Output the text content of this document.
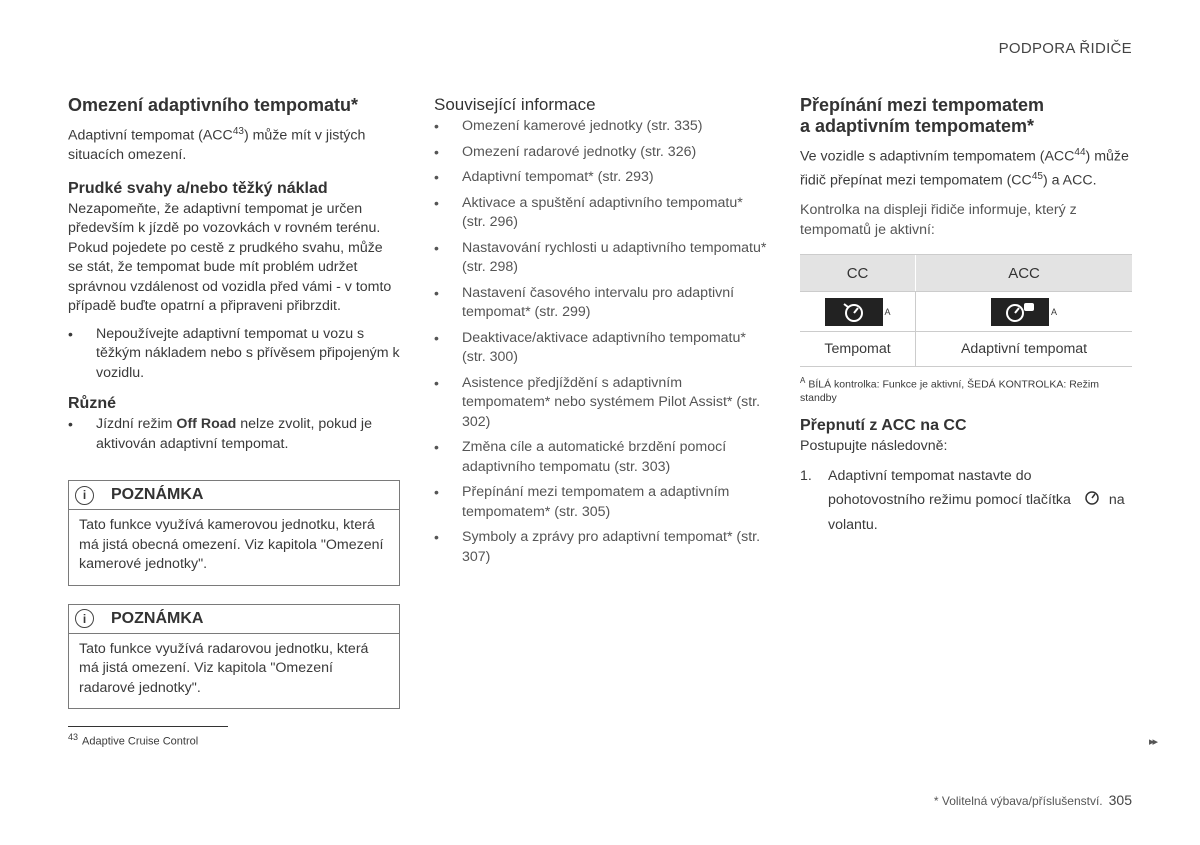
PODPORA ŘIDIČE
Omezení adaptivního tempomatu*

Adaptivní tempomat (ACC$^{43}$) může mít v jistých situacích omezení.

Prudké svahy a/nebo těžký náklad

Nezapomeňte, že adaptivní tempomat je určen především k jízdě po vozovkách v rovném terénu. Pokud pojedete po cestě z prudkého svahu, může se stát, že tempomat bude mít problém udržet správnou vzdálenost od vozidla před vámi - v tomto případě buďte opatrní a připraveni přibrzdit.

• Nepoužívejte adaptivní tempomat u vozu s těžkým nákladem nebo s přívěsem připojeným k vozidlu.
Různé
• Jízdní režim Off Road nelze zvolit, pokud je aktivován adaptivní tempomat.
i	POZNÁMKA
Tato funkce využívá kamerovou jednotku, která má jistá obecná omezení. Viz kapitola "Omezení kamerové jednotky".
i	POZNÁMKA
Tato funkce využívá radarovou jednotku, která má jistá omezení. Viz kapitola "Omezení radarové jednotky".
$^{43}$ Adaptive Cruise Control
Související informace
• Omezení kamerové jednotky (str. 335)
• Omezení radarové jednotky (str. 326)
• Adaptivní tempomat* (str. 293)
• Aktivace a spuštění adaptivního tempomatu* (str. 296)
• Nastavování rychlosti u adaptivního tempomatu* (str. 298)
• Nastavení časového intervalu pro adaptivní tempomat* (str. 299)
• Deaktivace/aktivace adaptivního tempomatu* (str. 300)
• Asistence předjíždění s adaptivním tempomatem* nebo systémem Pilot Assist* (str. 302)
• Změna cíle a automatické brzdění pomocí adaptivního tempomatu (str. 303)
• Přepínání mezi tempomatem a adaptivním tempomatem* (str. 305)
• Symboly a zprávy pro adaptivní tempomat* (str. 307)
Přepínání mezi tempomatem
a adaptivním tempomatem*

Ve vozidle s adaptivním tempomatem (ACC$^{44}$) může řidič přepínat mezi tempomatem (CC$^{45}$) a ACC.

Kontrolka na displeji řidiče informuje, který z tempomatů je aktivní:

CC	ACC
A	A
Tempomat	Adaptivní tempomat
$^A$ BÍLÁ kontrolka: Funkce je aktivní, ŠEDÁ KONTROLKA: Režim standby
Přepnutí z ACC na CC

Postupujte následovně:

1.	Adaptivní tempomat nastavte do pohotovostního režimu pomocí tlačítka	na volantu.
▸▸
* Volitelná výbava/příslušenství. 305
